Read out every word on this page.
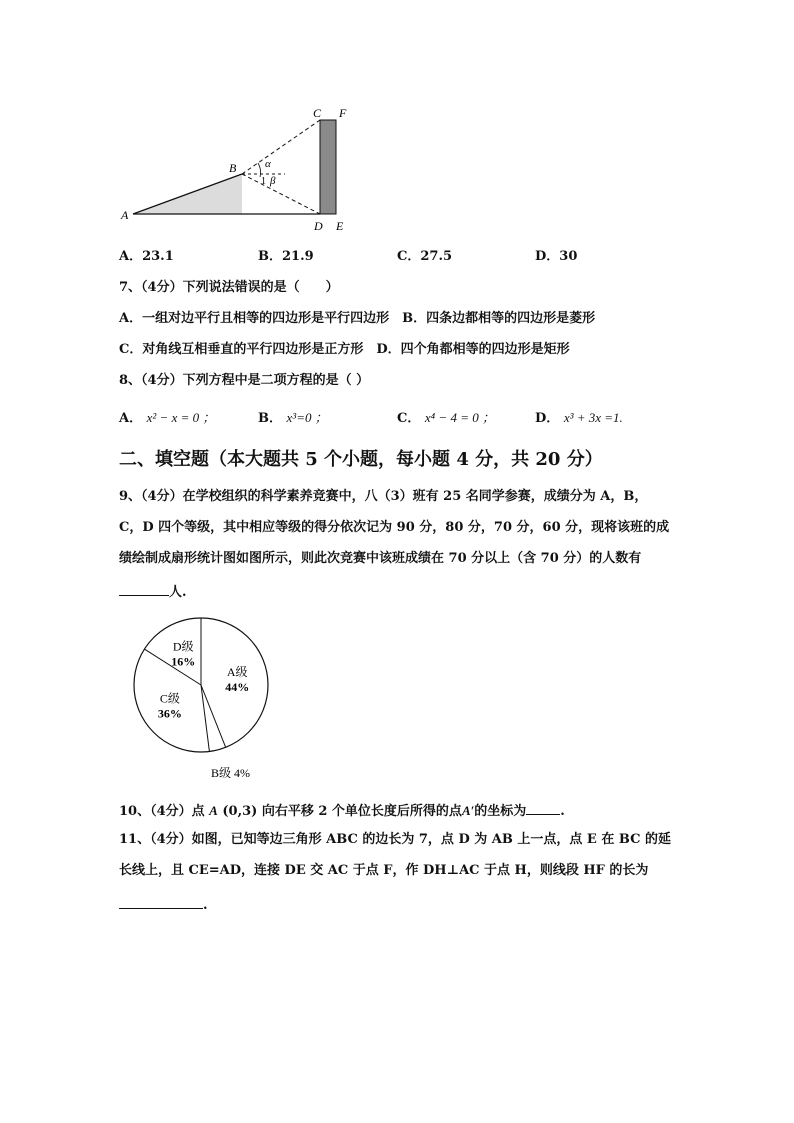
A
B
C F
D E
α
β
1
A．23.1	B．21.9	C．27.5	D．30
7、（4分）下列说法错误的是（　　）
A．一组对边平行且相等的四边形是平行四边形　B．四条边都相等的四边形是菱形
C．对角线互相垂直的平行四边形是正方形　D．四个角都相等的四边形是矩形
8、（4分）下列方程中是二项方程的是（ ）
A． x² − x = 0 ；	B． x³=0 ；	C． x⁴ − 4 = 0 ；	D． x³ + 3x =1.
二、填空题（本大题共 5 个小题，每小题 4 分，共 20 分）
9、（4分）在学校组织的科学素养竞赛中，八（3）班有 25 名同学参赛，成绩分为 A，B，
C，D 四个等级，其中相应等级的得分依次记为 90 分，80 分，70 分，60 分，现将该班的成
绩绘制成扇形统计图如图所示，则此次竞赛中该班成绩在 70 分以上（含 70 分）的人数有
人.
A级
44%
B级 4%
C级
36%
D级
16%
10、（4分）点 A (0,3) 向右平移 2 个单位长度后所得的点A′的坐标为	.
11、（4分）如图，已知等边三角形 ABC 的边长为 7，点 D 为 AB 上一点，点 E 在 BC 的延
长线上，且 CE=AD，连接 DE 交 AC 于点 F，作 DH⊥AC 于点 H，则线段 HF 的长为
.
